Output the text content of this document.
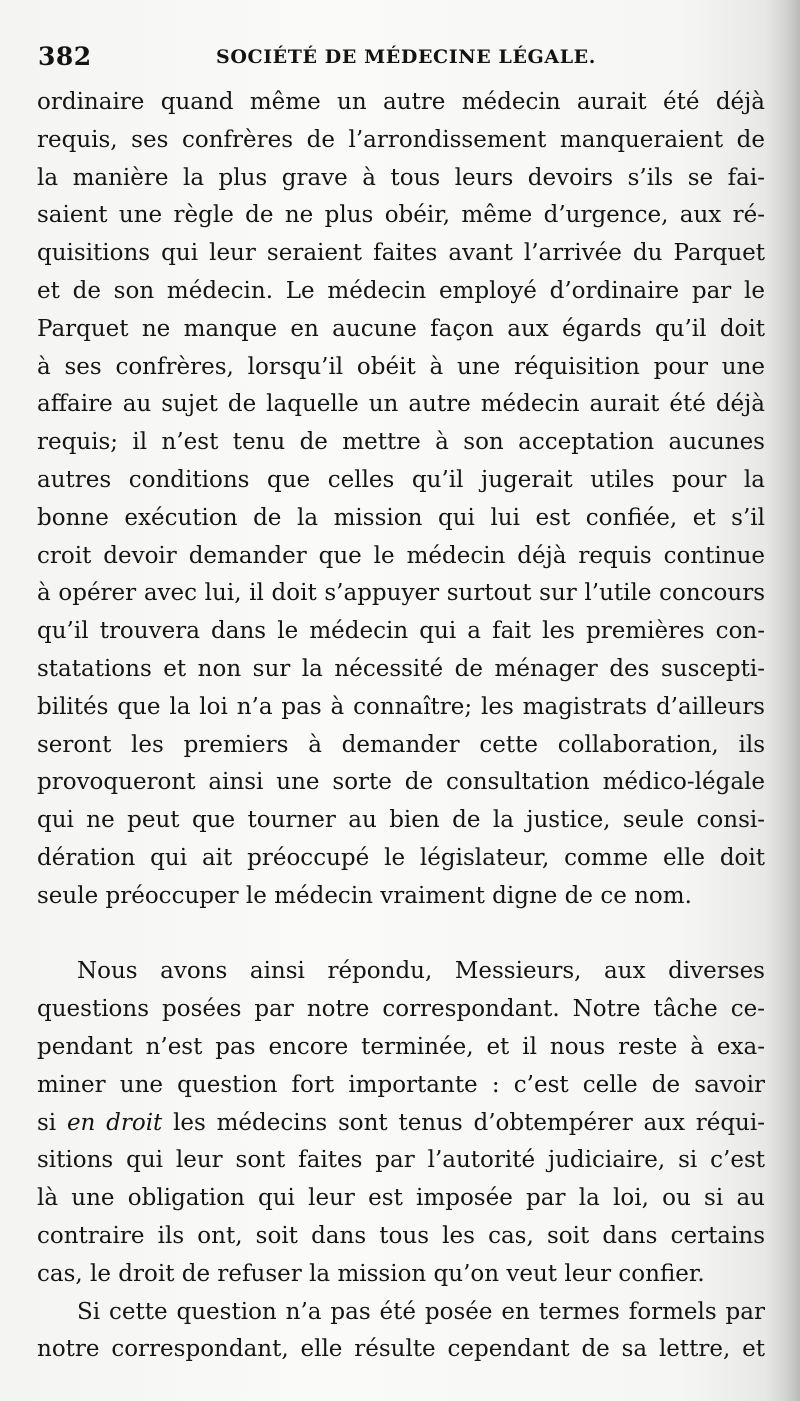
382	SOCIÉTÉ DE MÉDECINE LÉGALE.
ordinaire quand même un autre médecin aurait été déjà
requis, ses confrères de l’arrondissement manqueraient de
la manière la plus grave à tous leurs devoirs s’ils se fai-
saient une règle de ne plus obéir, même d’urgence, aux ré-
quisitions qui leur seraient faites avant l’arrivée du Parquet
et de son médecin. Le médecin employé d’ordinaire par le
Parquet ne manque en aucune façon aux égards qu’il doit
à ses confrères, lorsqu’il obéit à une réquisition pour une
affaire au sujet de laquelle un autre médecin aurait été déjà
requis; il n’est tenu de mettre à son acceptation aucunes
autres conditions que celles qu’il jugerait utiles pour la
bonne exécution de la mission qui lui est confiée, et s’il
croit devoir demander que le médecin déjà requis continue
à opérer avec lui, il doit s’appuyer surtout sur l’utile concours
qu’il trouvera dans le médecin qui a fait les premières con-
statations et non sur la nécessité de ménager des suscepti-
bilités que la loi n’a pas à connaître; les magistrats d’ailleurs
seront les premiers à demander cette collaboration, ils
provoqueront ainsi une sorte de consultation médico-légale
qui ne peut que tourner au bien de la justice, seule consi-
dération qui ait préoccupé le législateur, comme elle doit
seule préoccuper le médecin vraiment digne de ce nom.
Nous avons ainsi répondu, Messieurs, aux diverses
questions posées par notre correspondant. Notre tâche ce-
pendant n’est pas encore terminée, et il nous reste à exa-
miner une question fort importante : c’est celle de savoir
si en droit les médecins sont tenus d’obtempérer aux réqui-
sitions qui leur sont faites par l’autorité judiciaire, si c’est
là une obligation qui leur est imposée par la loi, ou si au
contraire ils ont, soit dans tous les cas, soit dans certains
cas, le droit de refuser la mission qu’on veut leur confier.
Si cette question n’a pas été posée en termes formels par
notre correspondant, elle résulte cependant de sa lettre, et
